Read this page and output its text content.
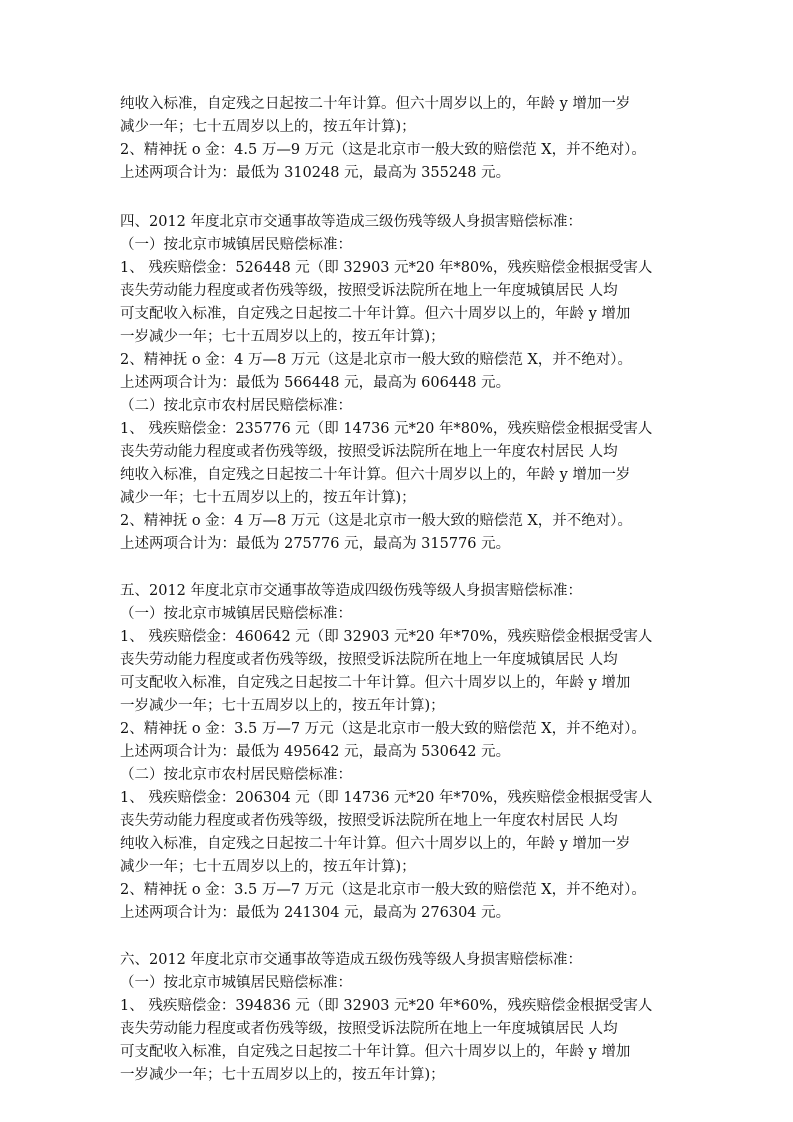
纯收入标准，自定残之日起按二十年计算。但六十周岁以上的，年龄 y 增加一岁
减少一年；七十五周岁以上的，按五年计算)；
2、精神抚 o 金：4.5 万—9 万元（这是北京市一般大致的赔偿范 X，并不绝对）。
上述两项合计为：最低为 310248 元，最高为 355248 元。
四、2012 年度北京市交通事故等造成三级伤残等级人身损害赔偿标准：
（一）按北京市城镇居民赔偿标准：
1、 残疾赔偿金：526448 元（即 32903 元*20 年*80%，残疾赔偿金根据受害人
丧失劳动能力程度或者伤残等级，按照受诉法院所在地上一年度城镇居民 人均
可支配收入标准，自定残之日起按二十年计算。但六十周岁以上的，年龄 y 增加
一岁减少一年；七十五周岁以上的，按五年计算)；
2、精神抚 o 金：4 万—8 万元（这是北京市一般大致的赔偿范 X，并不绝对）。
上述两项合计为：最低为 566448 元，最高为 606448 元。
（二）按北京市农村居民赔偿标准：
1、 残疾赔偿金：235776 元（即 14736 元*20 年*80%，残疾赔偿金根据受害人
丧失劳动能力程度或者伤残等级，按照受诉法院所在地上一年度农村居民 人均
纯收入标准，自定残之日起按二十年计算。但六十周岁以上的，年龄 y 增加一岁
减少一年；七十五周岁以上的，按五年计算)；
2、精神抚 o 金：4 万—8 万元（这是北京市一般大致的赔偿范 X，并不绝对）。
上述两项合计为：最低为 275776 元，最高为 315776 元。
五、2012 年度北京市交通事故等造成四级伤残等级人身损害赔偿标准：
（一）按北京市城镇居民赔偿标准：
1、 残疾赔偿金：460642 元（即 32903 元*20 年*70%，残疾赔偿金根据受害人
丧失劳动能力程度或者伤残等级，按照受诉法院所在地上一年度城镇居民 人均
可支配收入标准，自定残之日起按二十年计算。但六十周岁以上的，年龄 y 增加
一岁减少一年；七十五周岁以上的，按五年计算)；
2、精神抚 o 金：3.5 万—7 万元（这是北京市一般大致的赔偿范 X，并不绝对）。
上述两项合计为：最低为 495642 元，最高为 530642 元。
（二）按北京市农村居民赔偿标准：
1、 残疾赔偿金：206304 元（即 14736 元*20 年*70%，残疾赔偿金根据受害人
丧失劳动能力程度或者伤残等级，按照受诉法院所在地上一年度农村居民 人均
纯收入标准，自定残之日起按二十年计算。但六十周岁以上的，年龄 y 增加一岁
减少一年；七十五周岁以上的，按五年计算)；
2、精神抚 o 金：3.5 万—7 万元（这是北京市一般大致的赔偿范 X，并不绝对）。
上述两项合计为：最低为 241304 元，最高为 276304 元。
六、2012 年度北京市交通事故等造成五级伤残等级人身损害赔偿标准：
（一）按北京市城镇居民赔偿标准：
1、 残疾赔偿金：394836 元（即 32903 元*20 年*60%，残疾赔偿金根据受害人
丧失劳动能力程度或者伤残等级，按照受诉法院所在地上一年度城镇居民 人均
可支配收入标准，自定残之日起按二十年计算。但六十周岁以上的，年龄 y 增加
一岁减少一年；七十五周岁以上的，按五年计算)；
